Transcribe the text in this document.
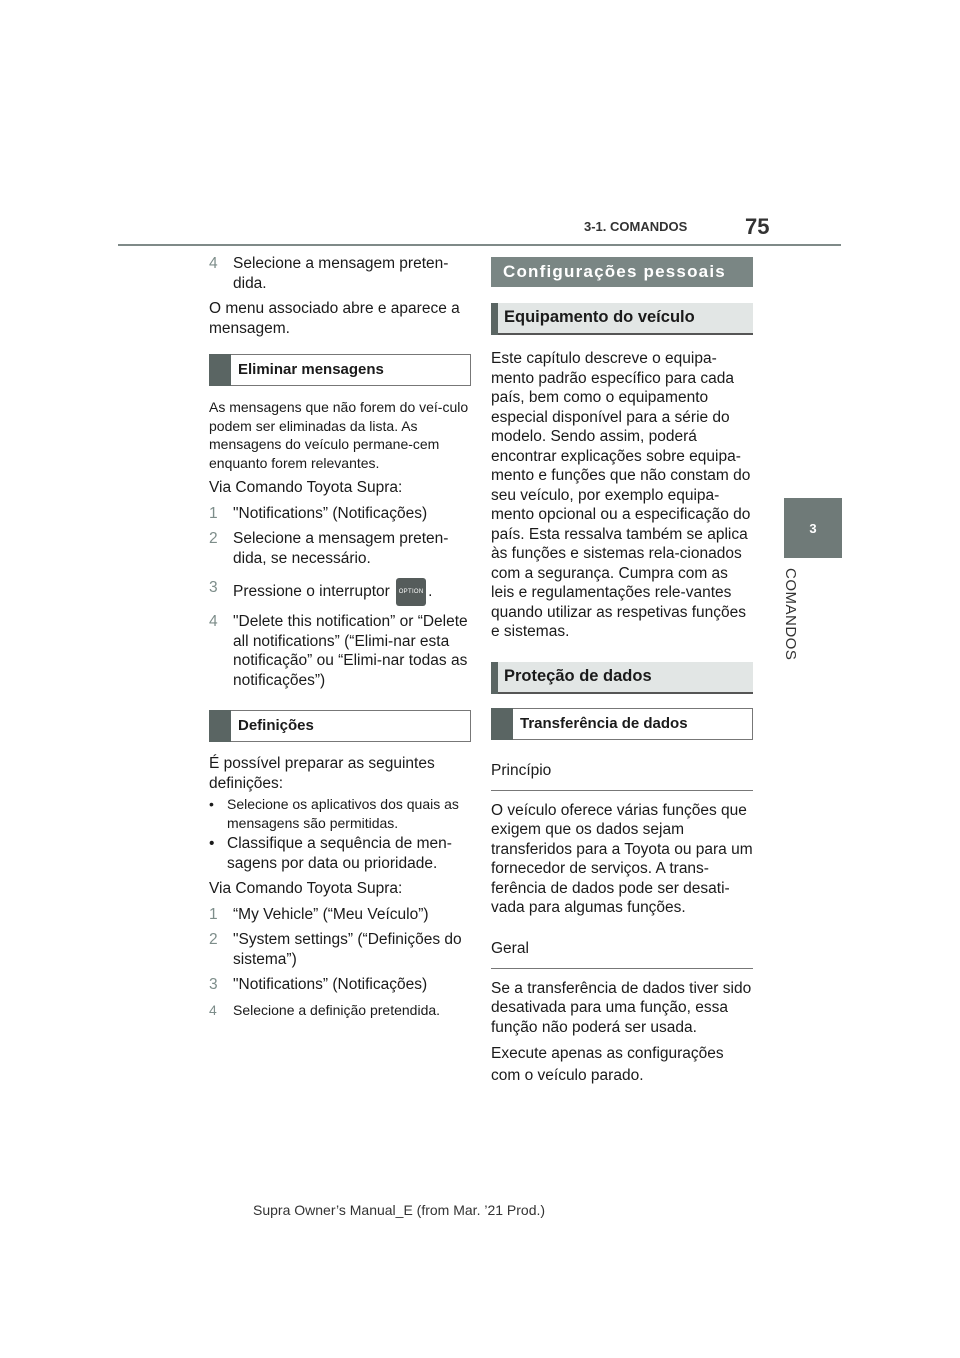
3-1. COMANDOS	75
3
COMANDOS
4 Selecione a mensagem preten-dida.
O menu associado abre e aparece a mensagem.
Eliminar mensagens
As mensagens que não forem do veí-culo podem ser eliminadas da lista. As mensagens do veículo permane-cem enquanto forem relevantes.
Via Comando Toyota Supra:
1 "Notifications” (Notificações)
2 Selecione a mensagem preten-dida, se necessário.
3 Pressione o interruptor OPTION .
4 "Delete this notification” or “Delete all notifications” (“Elimi-nar esta notificação” ou “Elimi-nar todas as notificações”)
Definições
É possível preparar as seguintes definições:
• Selecione os aplicativos dos quais as mensagens são permitidas.
• Classifique a sequência de men-sagens por data ou prioridade.
Via Comando Toyota Supra:
1 “My Vehicle” (“Meu Veículo”)
2 "System settings” (“Definições do sistema”)
3 "Notifications” (Notificações)
4	Selecione a definição pretendida.
Configurações pessoais
Equipamento do veículo
Este capítulo descreve o equipa-mento padrão específico para cada país, bem como o equipamento especial disponível para a série do modelo. Sendo assim, poderá encontrar explicações sobre equipa-mento e funções que não constam do seu veículo, por exemplo equipa-mento opcional ou a especificação do país. Esta ressalva também se aplica às funções e sistemas rela-cionados com a segurança. Cumpra com as leis e regulamentações rele-vantes quando utilizar as respetivas funções e sistemas.
Proteção de dados
Transferência de dados
Princípio
O veículo oferece várias funções que exigem que os dados sejam transferidos para a Toyota ou para um fornecedor de serviços. A trans-ferência de dados pode ser desati-vada para algumas funções.
Geral
Se a transferência de dados tiver sido desativada para uma função, essa função não poderá ser usada.
Execute apenas as configurações com o veículo parado.
Supra Owner’s Manual_E (from Mar. ’21 Prod.)
